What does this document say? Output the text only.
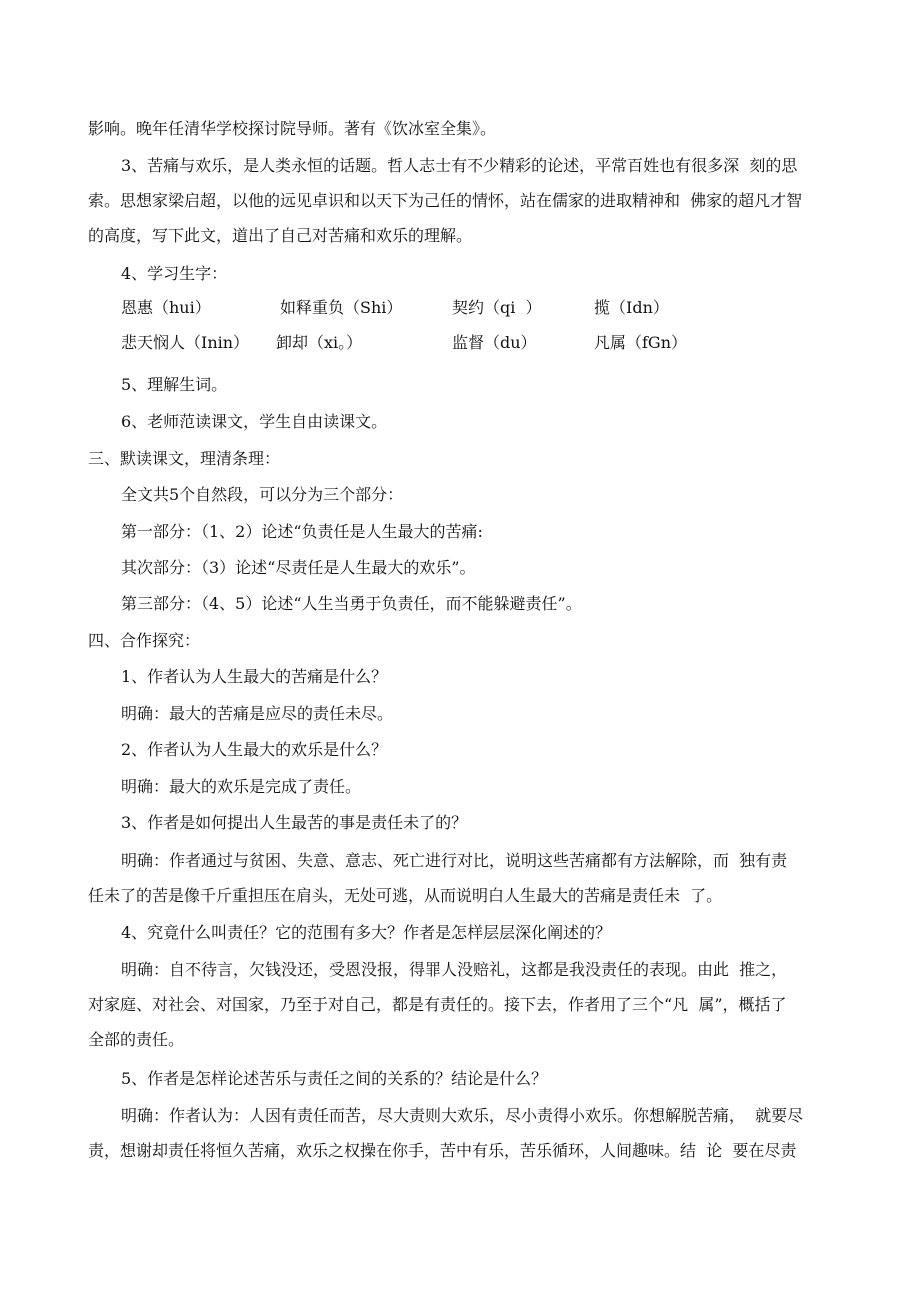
影响。晚年任清华学校探讨院导师。著有《饮冰室全集》。
3、苦痛与欢乐，是人类永恒的话题。哲人志士有不少精彩的论述，平常百姓也有很多深  刻的思
索。思想家梁启超，以他的远见卓识和以天下为己任的情怀，站在儒家的进取精神和  佛家的超凡才智
的高度，写下此文，道出了自己对苦痛和欢乐的理解。
4、学习生字：
恩惠（hui）	如释重负（Shi）	契约（qi  ）	揽（Idn）
悲天悯人（Inin） 卸却（xi。）	监督（du）	凡属（fGn）
5、理解生词。
6、老师范读课文，学生自由读课文。
三、默读课文，理清条理：
全文共5个自然段，可以分为三个部分：
第一部分：（1、2）论述“负责任是人生最大的苦痛:
其次部分：（3）论述“尽责任是人生最大的欢乐”。
第三部分：（4、5）论述“人生当勇于负责任，而不能躲避责任”。
四、合作探究：
1、作者认为人生最大的苦痛是什么？
明确：最大的苦痛是应尽的责任未尽。
2、作者认为人生最大的欢乐是什么？
明确：最大的欢乐是完成了责任。
3、作者是如何提出人生最苦的事是责任未了的？
明确：作者通过与贫困、失意、意志、死亡进行对比，说明这些苦痛都有方法解除，而  独有责
任未了的苦是像千斤重担压在肩头，无处可逃，从而说明白人生最大的苦痛是责任未  了。
4、究竟什么叫责任？它的范围有多大？作者是怎样层层深化阐述的？
明确：自不待言，欠钱没还，受恩没报，得罪人没赔礼，这都是我没责任的表现。由此  推之，
对家庭、对社会、对国家，乃至于对自己，都是有责任的。接下去，作者用了三个“凡  属”，概括了
全部的责任。
5、作者是怎样论述苦乐与责任之间的关系的？结论是什么？
明确：作者认为：人因有责任而苦，尽大责则大欢乐，尽小责得小欢乐。你想解脱苦痛，  就要尽
责，想谢却责任将恒久苦痛，欢乐之权操在你手，苦中有乐，苦乐循环，人间趣味。结  论  要在尽责
